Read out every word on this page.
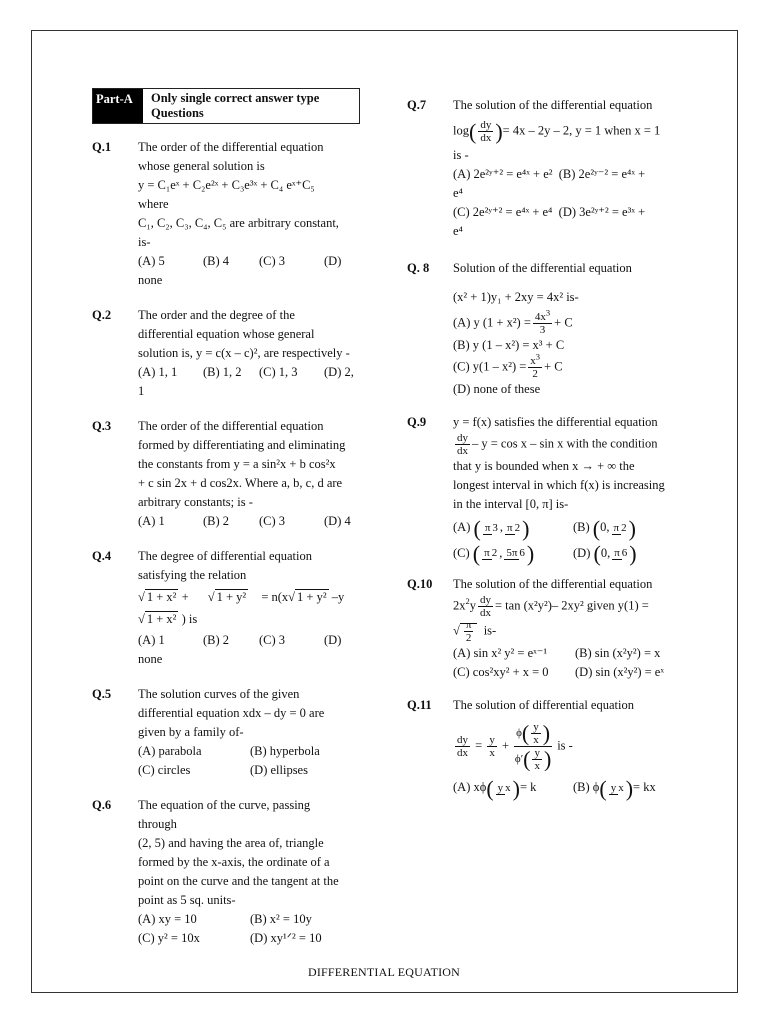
Part-A	Only single correct answer type
Questions
Q.1 The order of the differential equation
whose general solution is
y = C₁eˣ + C₂e²ˣ + C₃e³ˣ + C₄ eˣ⁺C₅
where
C₁, C₂, C₃, C₄, C₅ are arbitrary constant,
is-
(A) 5	(B) 4	(C) 3	(D)
none
Q.2 The order and the degree of the
differential equation whose general
solution is, y = c(x – c)², are respectively -
(A) 1, 1	(B) 1, 2	(C) 1, 3	(D) 2,
1
Q.3 The order of the differential equation
formed by differentiating and eliminating
the constants from y = a sin²x + b cos²x
+ c sin 2x + d cos2x. Where a, b, c, d are
arbitrary constants; is -
(A) 1	(B) 2	(C) 3	(D) 4
Q.4 The degree of differential equation
satisfying the relation
√ 1 + x² + √ 1 + y² = n(x√ 1 + y² –y
√ 1 + x² ) is
(A) 1	(B) 2	(C) 3	(D)
none
Q.5 The solution curves of the given
differential equation xdx – dy = 0 are
given by a family of-
(A) parabola	(B) hyperbola
(C) circles	(D) ellipses
Q.6 The equation of the curve, passing
through
(2, 5) and having the area of, triangle
formed by the x-axis, the ordinate of a
point on the curve and the tangent at the
point as 5 sq. units-
(A) xy = 10	(B) x² = 10y
(C) y² = 10x	(D) xy¹ᐟ² = 10
Q.7 The solution of the differential equation
$\log( \frac{dy}{dx}$ )= 4x – 2y – 2, y = 1 when x = 1
is -
(A) 2e²ʸ⁺² = e⁴ˣ + e² (B) 2e²ʸ⁻² = e⁴ˣ +
e⁴
(C) 2e²ʸ⁺² = e⁴ˣ + e⁴ (D) 3e²ʸ⁺² = e³ˣ +
e⁴
Q. 8 Solution of the differential equation
(x² + 1)y₁ + 2xy = 4x² is-
(A) y $(1 + x^2) = \frac{4x^3}{3} + C$
(B) y (1 – x²) = x³ + C
(C) $y(1 - x^2) = \frac{x^3}{2} + C$
(D) none of these
Q.9 y = f(x) satisfies the differential equation
$\frac{dy}{dx} - y = \cos x - \sin x$ with the condition
that y is bounded when x → + ∞ the
longest interval in which f(x) is increasing
in the interval [0, π] is-
(A) ( π 3 , π 2)	(B) (0, π 2)
(C) ( π 2 , 5π 6)	(D) (0, π 6)
Q.10 The solution of the differential equation
$2x^2y \frac{dy}{dx} = \tan (x^2y^2)-$ 2xy² given y(1) =
√ $\frac{\pi}{2} is-$
(A) sin x² y² = eˣ⁻¹ (B) sin (x²y²) = x
(C) cos²xy² + x = 0 (D) sin (x²y²) = eˣ
Q.11 The solution of differential equation
$\frac{dy}{dx} = \frac{y}{x} + \frac{\phi( \frac{y}{x} )}{\phi'( \frac{y}{x} )}$ is -
(A) xϕ( y x)= k	(B) ϕ( y x)= kx
DIFFERENTIAL EQUATION
